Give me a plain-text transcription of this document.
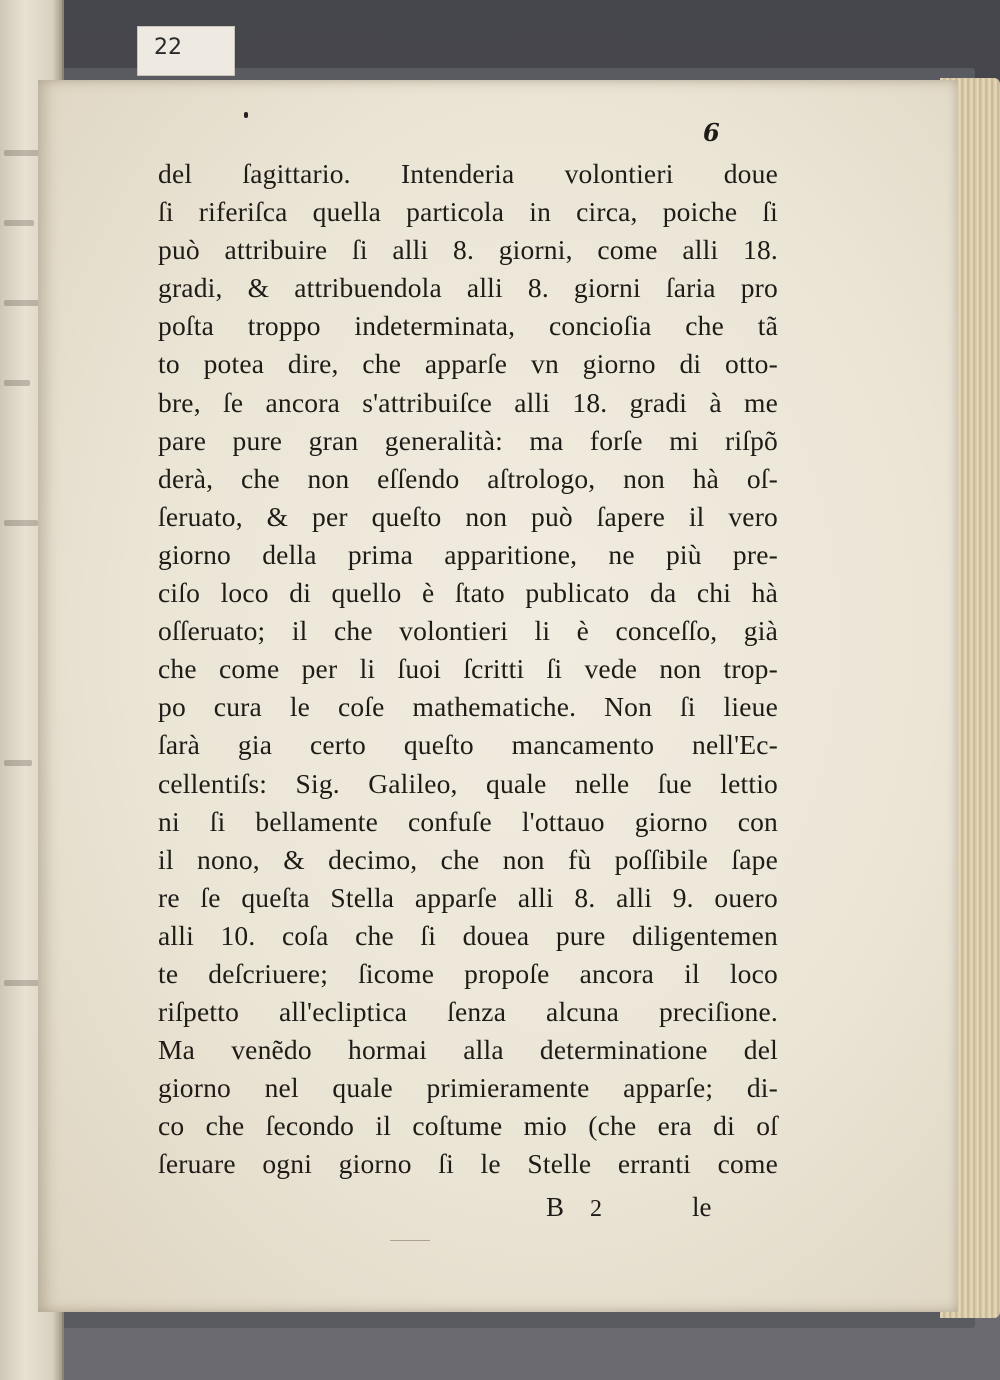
22
6
del ſagittario. Intenderia volontieri doue
ſi riferiſca quella particola in circa, poiche ſi
può attribuire ſi alli 8. giorni, come alli 18.
gradi, & attribuendola alli 8. giorni ſaria pro
poſta troppo indeterminata, concioſia che tã
to potea dire, che apparſe vn giorno di otto-
bre, ſe ancora s'attribuiſce alli 18. gradi à me
pare pure gran generalità: ma forſe mi riſpõ
derà, che non eſſendo aſtrologo, non hà oſ-
ſeruato, & per queſto non può ſapere il vero
giorno della prima apparitione, ne più pre-
ciſo loco di quello è ſtato publicato da chi hà
oſſeruato; il che volontieri li è conceſſo, già
che come per li ſuoi ſcritti ſi vede non trop-
po cura le coſe mathematiche. Non ſi lieue
ſarà gia certo queſto mancamento nell'Ec-
cellentiſs: Sig. Galileo, quale nelle ſue lettio
ni ſi bellamente confuſe l'ottauo giorno con
il nono, & decimo, che non fù poſſibile ſape
re ſe queſta Stella apparſe alli 8. alli 9. ouero
alli 10. coſa che ſi douea pure diligentemen
te deſcriuere; ſicome propoſe ancora il loco
riſpetto all'ecliptica ſenza alcuna preciſione.
Ma venẽdo hormai alla determinatione del
giorno nel quale primieramente apparſe; di-
co che ſecondo il coſtume mio (che era di oſ
ſeruare ogni giorno ſi le Stelle erranti come
B 2	le
